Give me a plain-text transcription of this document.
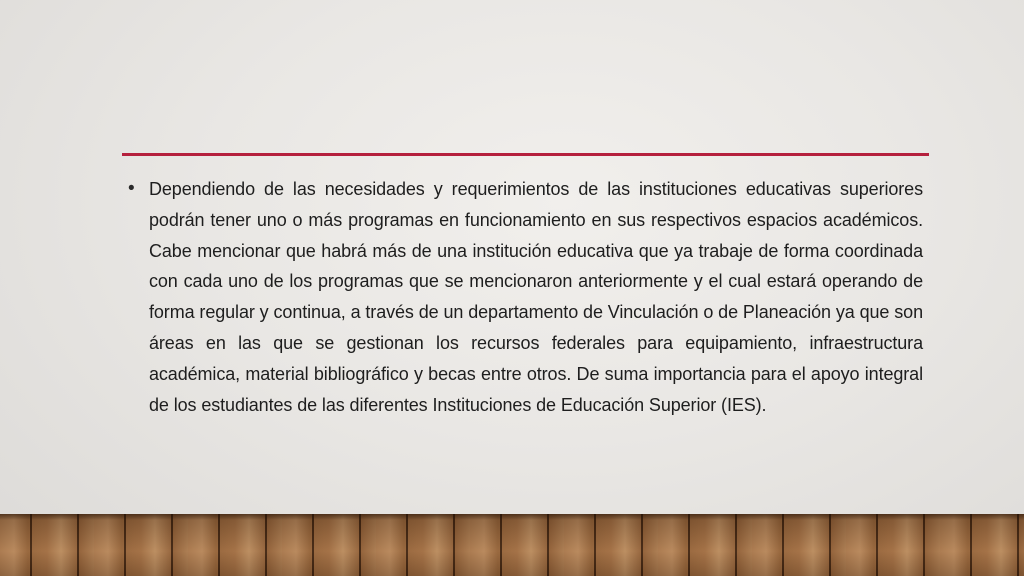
• Dependiendo de las necesidades y requerimientos de las instituciones educativas superiores podrán tener uno o más programas en funcionamiento en sus respectivos espacios académicos. Cabe mencionar que habrá más de una institución educativa que ya trabaje de forma coordinada con cada uno de los programas que se mencionaron anteriormente y el cual estará operando de forma regular y continua, a través de un departamento de Vinculación o de Planeación ya que son áreas en las que se gestionan los recursos federales para equipamiento, infraestructura académica, material bibliográfico y becas entre otros. De suma importancia para el apoyo integral de los estudiantes de las diferentes Instituciones de Educación Superior (IES).
